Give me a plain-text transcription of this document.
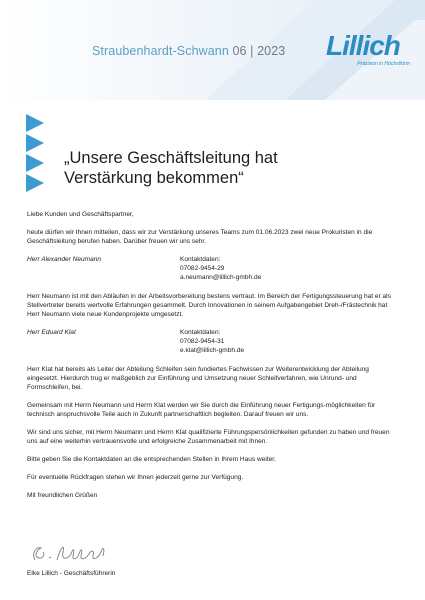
Straubenhardt-Schwann 06 | 2023 Lillich
Präzision in Höchstform
„Unsere Geschäftsleitung hat
Verstärkung bekommen“

Liebe Kunden und Geschäftspartner,

heute dürfen wir Ihnen mitteilen, dass wir zur Verstärkung unseres Teams zum 01.06.2023 zwei neue Prokuristen in die Geschäftsleitung berufen haben. Darüber freuen wir uns sehr.

Herr Alexander Neumann	Kontaktdaten:
07082-9454-29
a.neumann@lillich-gmbh.de

Herr Neumann ist mit den Abläufen in der Arbeitsvorbereitung bestens vertraut. Im Bereich der Fertigungssteuerung hat er als Stellvertreter bereits wertvolle Erfahrungen gesammelt. Durch Innovationen in seinem Aufgabengebiet Dreh-/Frästechnik hat Herr Neumann viele neue Kundenprojekte umgesetzt.

Herr Eduard Klat	Kontaktdaten:
07082-9454-31
e.klat@lillich-gmbh.de

Herr Klat hat bereits als Leiter der Abteilung Schleifen sein fundiertes Fachwissen zur Weiterentwicklung der Abteilung eingesetzt. Hierdurch trug er maßgeblich zur Einführung und Umsetzung neuer Schleifverfahren, wie Unrund- und Formschleifen, bei.

Gemeinsam mit Herrn Neumann und Herrn Klat werden wir Sie durch die Einführung neuer Fertigungs-möglichkeiten für technisch anspruchsvolle Teile auch in Zukunft partnerschaftlich begleiten. Darauf freuen wir uns.

Wir sind uns sicher, mit Herrn Neumann und Herrn Klat qualifizierte Führungspersönlichkeiten gefunden zu haben und freuen uns auf eine weiterhin vertrauensvolle und erfolgreiche Zusammenarbeit mit Ihnen.

Bitte geben Sie die Kontaktdaten an die entsprechenden Stellen in Ihrem Haus weiter.

Für eventuelle Rückfragen stehen wir Ihnen jederzeit gerne zur Verfügung.

Mit freundlichen Grüßen

Elke Lillich - Geschäftsführerin
